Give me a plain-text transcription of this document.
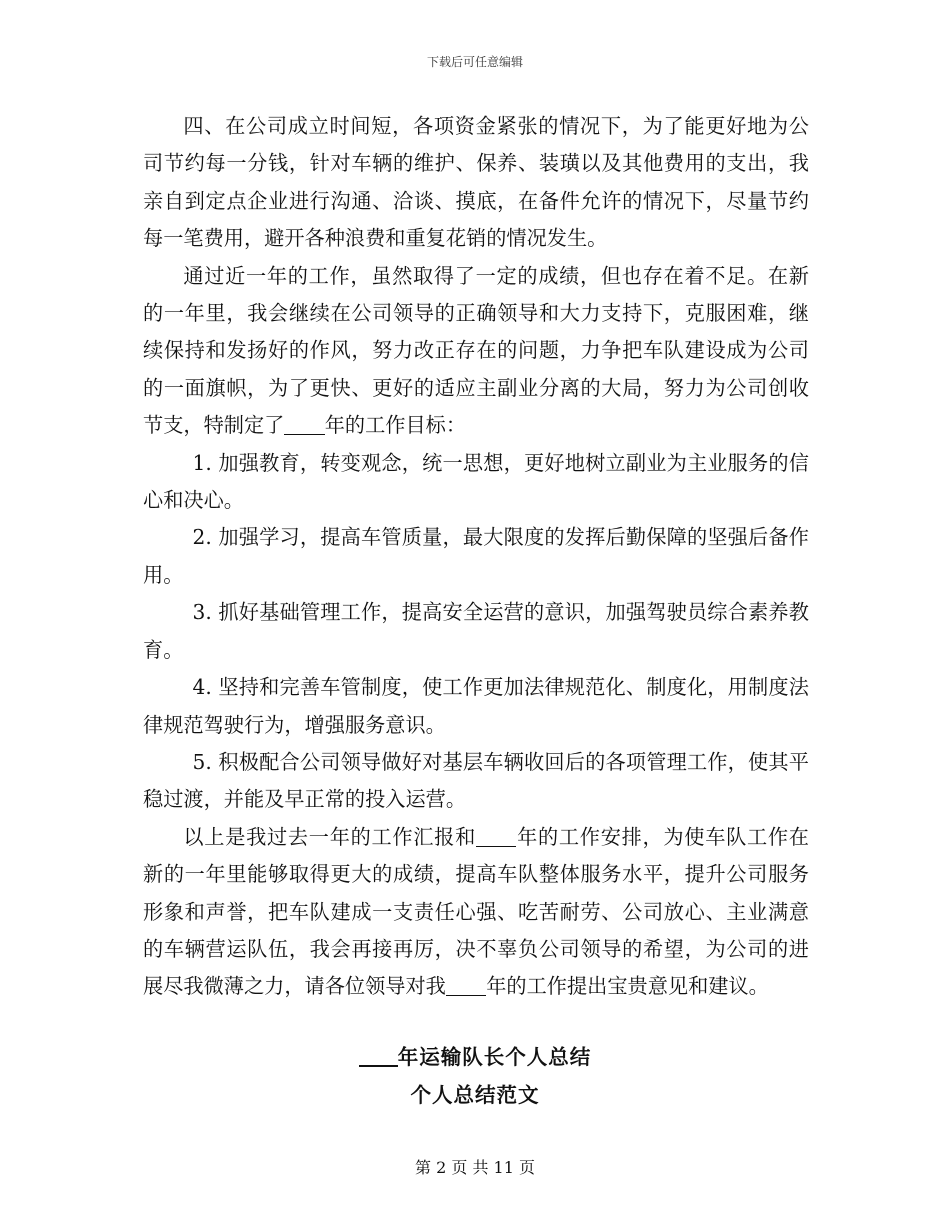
下载后可任意编辑

四、在公司成立时间短，各项资金紧张的情况下，为了能更好地为公司节约每一分钱，针对车辆的维护、保养、装璜以及其他费用的支出，我亲自到定点企业进行沟通、洽谈、摸底，在备件允许的情况下，尽量节约每一笔费用，避开各种浪费和重复花销的情况发生。

通过近一年的工作，虽然取得了一定的成绩，但也存在着不足。在新的一年里，我会继续在公司领导的正确领导和大力支持下，克服困难，继续保持和发扬好的作风，努力改正存在的问题，力争把车队建设成为公司的一面旗帜，为了更快、更好的适应主副业分离的大局，努力为公司创收节支，特制定了 年的工作目标：

1. 加强教育，转变观念，统一思想，更好地树立副业为主业服务的信心和决心。

2. 加强学习，提高车管质量，最大限度的发挥后勤保障的坚强后备作用。

3. 抓好基础管理工作，提高安全运营的意识，加强驾驶员综合素养教育。

4. 坚持和完善车管制度，使工作更加法律规范化、制度化，用制度法律规范驾驶行为，增强服务意识。

5. 积极配合公司领导做好对基层车辆收回后的各项管理工作，使其平稳过渡，并能及早正常的投入运营。

以上是我过去一年的工作汇报和 年的工作安排，为使车队工作在新的一年里能够取得更大的成绩，提高车队整体服务水平，提升公司服务形象和声誉，把车队建成一支责任心强、吃苦耐劳、公司放心、主业满意的车辆营运队伍，我会再接再厉，决不辜负公司领导的希望，为公司的进展尽我微薄之力，请各位领导对我 年的工作提出宝贵意见和建议。

年运输队长个人总结
个人总结范文
第 2 页 共 11 页
